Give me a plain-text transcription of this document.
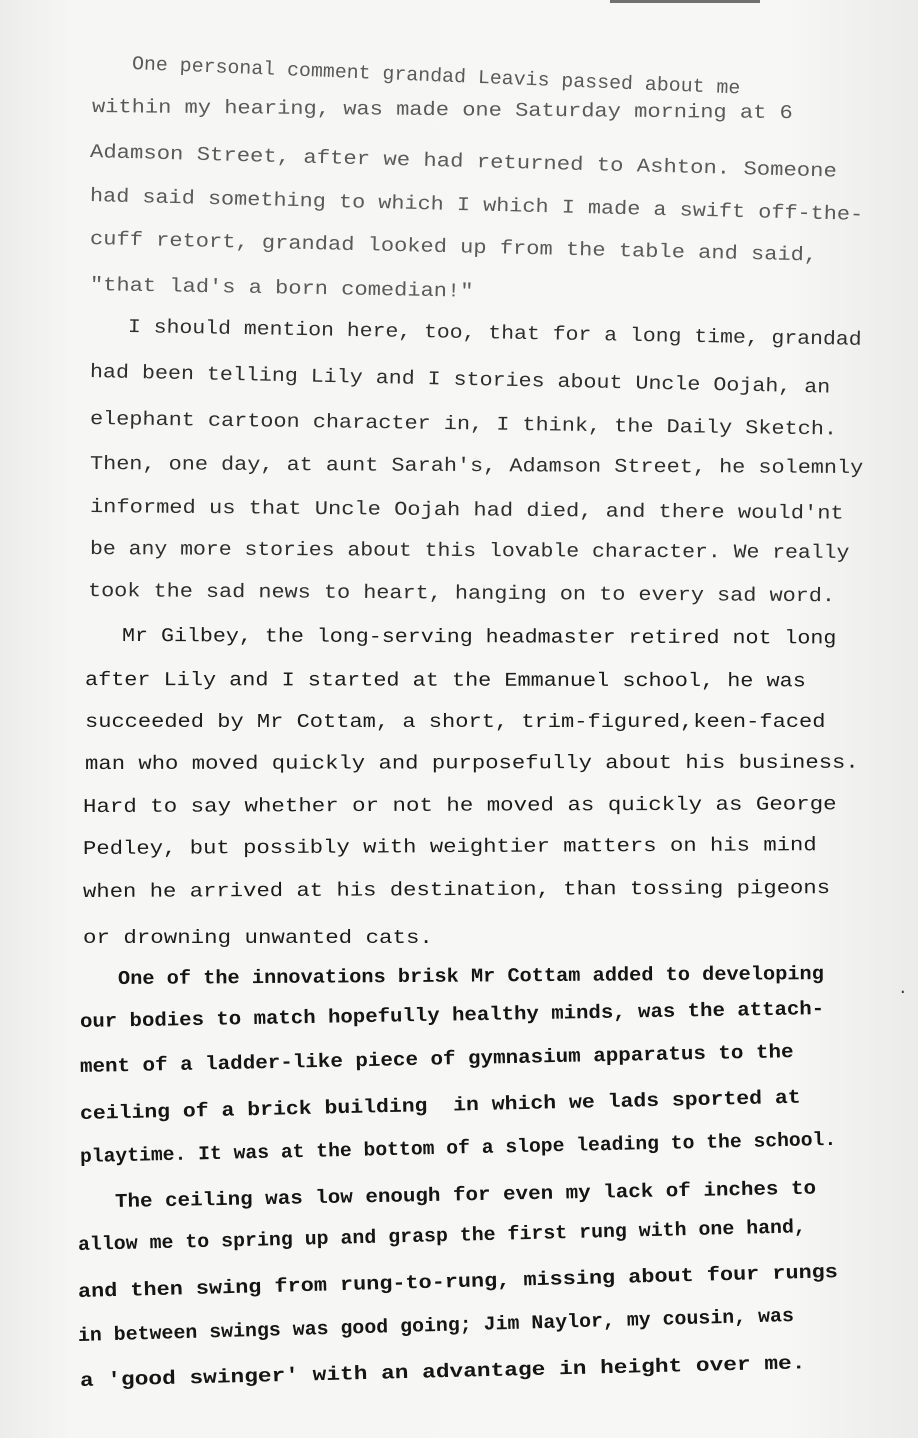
One personal comment grandad Leavis passed about me
within my hearing, was made one Saturday morning at 6
Adamson Street, after we had returned to Ashton. Someone
had said something to which I which I made a swift off-the-
cuff retort, grandad looked up from the table and said,
"that lad's a born comedian!"
I should mention here, too, that for a long time, grandad
had been telling Lily and I stories about Uncle Oojah, an
elephant cartoon character in, I think, the Daily Sketch.
Then, one day, at aunt Sarah's, Adamson Street, he solemnly
informed us that Uncle Oojah had died, and there would'nt
be any more stories about this lovable character. We really
took the sad news to heart, hanging on to every sad word.
Mr Gilbey, the long-serving headmaster retired not long
after Lily and I started at the Emmanuel school, he was
succeeded by Mr Cottam, a short, trim-figured,keen-faced
man who moved quickly and purposefully about his business.
Hard to say whether or not he moved as quickly as George
Pedley, but possibly with weightier matters on his mind
when he arrived at his destination, than tossing pigeons
or drowning unwanted cats.
One of the innovations brisk Mr Cottam added to developing
our bodies to match hopefully healthy minds, was the attach-
ment of a ladder-like piece of gymnasium apparatus to the
ceiling of a brick building  in which we lads sported at
playtime. It was at the bottom of a slope leading to the school.
The ceiling was low enough for even my lack of inches to
allow me to spring up and grasp the first rung with one hand,
and then swing from rung-to-rung, missing about four rungs
in between swings was good going; Jim Naylor, my cousin, was
a 'good swinger' with an advantage in height over me.
.
